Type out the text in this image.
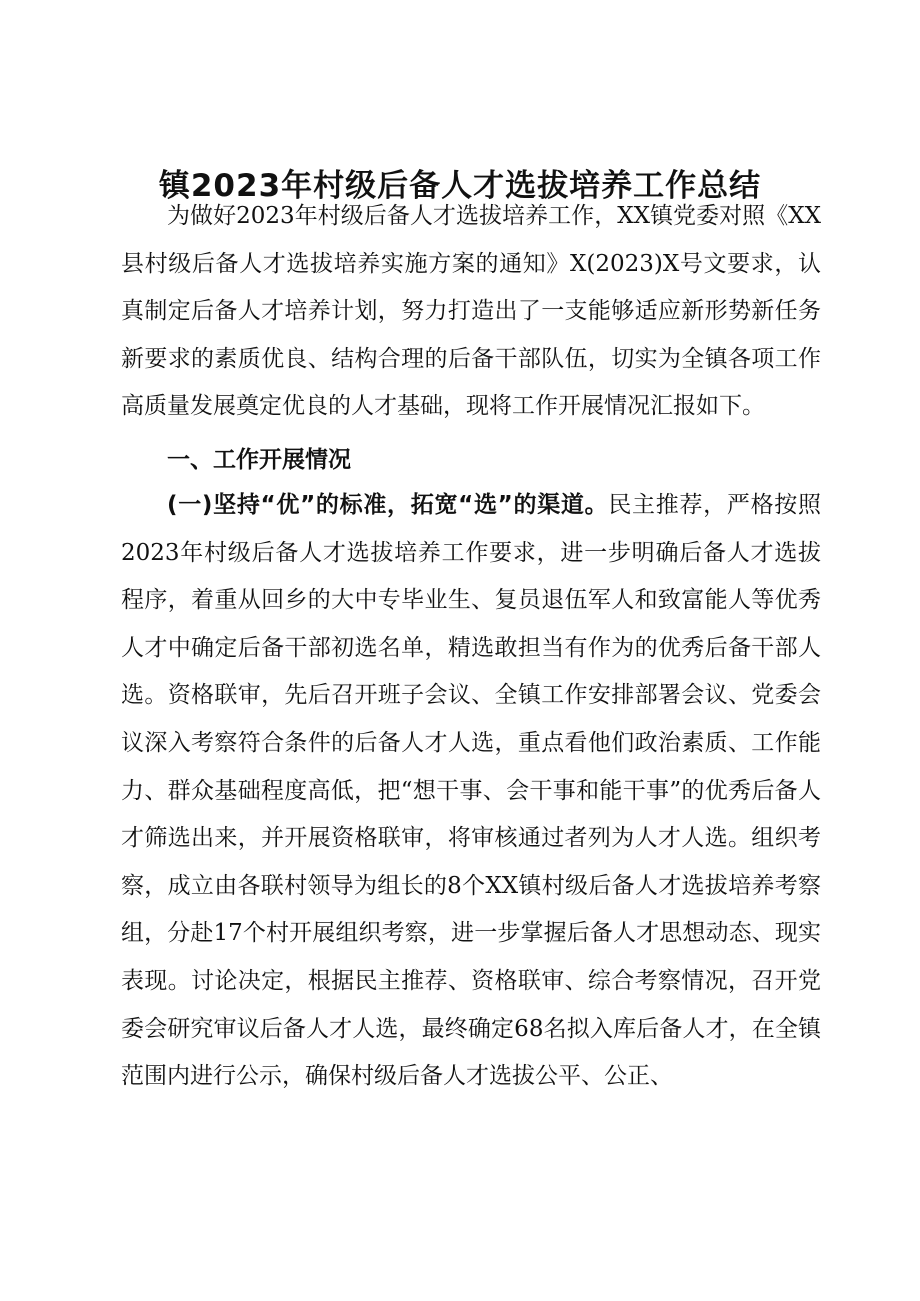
镇2023年村级后备人才选拔培养工作总结

为做好2023年村级后备人才选拔培养工作，XX镇党委对照《XX县村级后备人才选拔培养实施方案的通知》X(2023)X号文要求，认真制定后备人才培养计划，努力打造出了一支能够适应新形势新任务新要求的素质优良、结构合理的后备干部队伍，切实为全镇各项工作高质量发展奠定优良的人才基础，现将工作开展情况汇报如下。

一、工作开展情况

(一)坚持“优”的标准，拓宽“选”的渠道。民主推荐，严格按照2023年村级后备人才选拔培养工作要求，进一步明确后备人才选拔程序，着重从回乡的大中专毕业生、复员退伍军人和致富能人等优秀人才中确定后备干部初选名单，精选敢担当有作为的优秀后备干部人选。资格联审，先后召开班子会议、全镇工作安排部署会议、党委会议深入考察符合条件的后备人才人选，重点看他们政治素质、工作能力、群众基础程度高低，把“想干事、会干事和能干事”的优秀后备人才筛选出来，并开展资格联审，将审核通过者列为人才人选。组织考察，成立由各联村领导为组长的8个XX镇村级后备人才选拔培养考察组，分赴17个村开展组织考察，进一步掌握后备人才思想动态、现实表现。讨论决定，根据民主推荐、资格联审、综合考察情况，召开党委会研究审议后备人才人选，最终确定68名拟入库后备人才，在全镇范围内进行公示，确保村级后备人才选拔公平、公正、
